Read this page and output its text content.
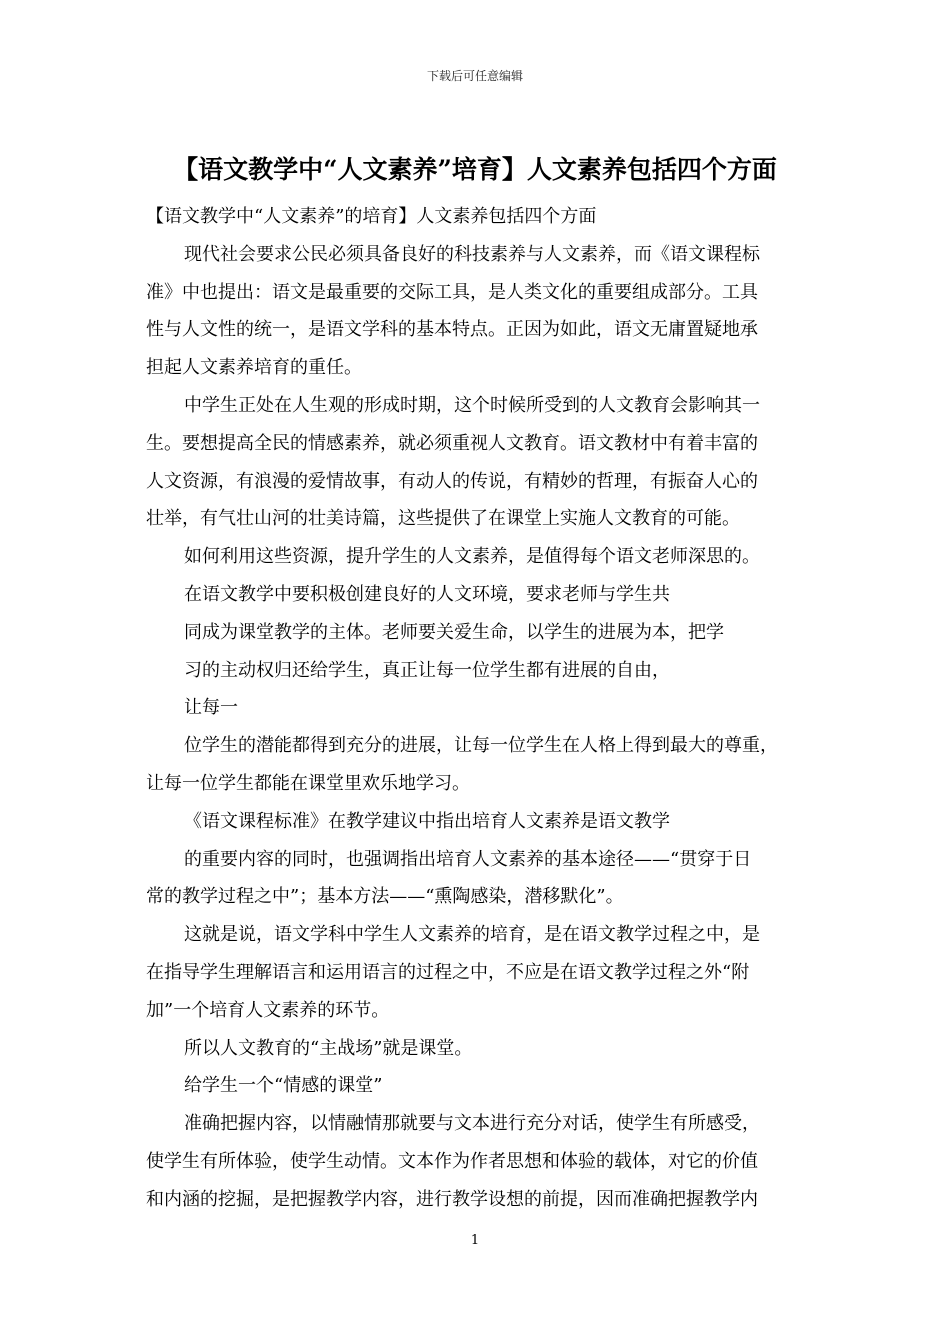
下载后可任意编辑
【语文教学中“人文素养”培育】人文素养包括四个方面
【语文教学中“人文素养”的培育】人文素养包括四个方面
现代社会要求公民必须具备良好的科技素养与人文素养，而《语文课程标
准》中也提出：语文是最重要的交际工具，是人类文化的重要组成部分。工具
性与人文性的统一，是语文学科的基本特点。正因为如此，语文无庸置疑地承
担起人文素养培育的重任。
中学生正处在人生观的形成时期，这个时候所受到的人文教育会影响其一
生。要想提高全民的情感素养，就必须重视人文教育。语文教材中有着丰富的
人文资源，有浪漫的爱情故事，有动人的传说，有精妙的哲理，有振奋人心的
壮举，有气壮山河的壮美诗篇，这些提供了在课堂上实施人文教育的可能。
如何利用这些资源，提升学生的人文素养，是值得每个语文老师深思的。
在语文教学中要积极创建良好的人文环境，要求老师与学生共
同成为课堂教学的主体。老师要关爱生命，以学生的进展为本，把学
习的主动权归还给学生，真正让每一位学生都有进展的自由，
让每一
位学生的潜能都得到充分的进展，让每一位学生在人格上得到最大的尊重，
让每一位学生都能在课堂里欢乐地学习。
《语文课程标准》在教学建议中指出培育人文素养是语文教学
的重要内容的同时，也强调指出培育人文素养的基本途径——“贯穿于日
常的教学过程之中”；基本方法——“熏陶感染，潜移默化”。
这就是说，语文学科中学生人文素养的培育，是在语文教学过程之中，是
在指导学生理解语言和运用语言的过程之中，不应是在语文教学过程之外“附
加”一个培育人文素养的环节。
所以人文教育的“主战场”就是课堂。
给学生一个“情感的课堂”
准确把握内容，以情融情那就要与文本进行充分对话，使学生有所感受，
使学生有所体验，使学生动情。文本作为作者思想和体验的载体，对它的价值
和内涵的挖掘，是把握教学内容，进行教学设想的前提，因而准确把握教学内
1
